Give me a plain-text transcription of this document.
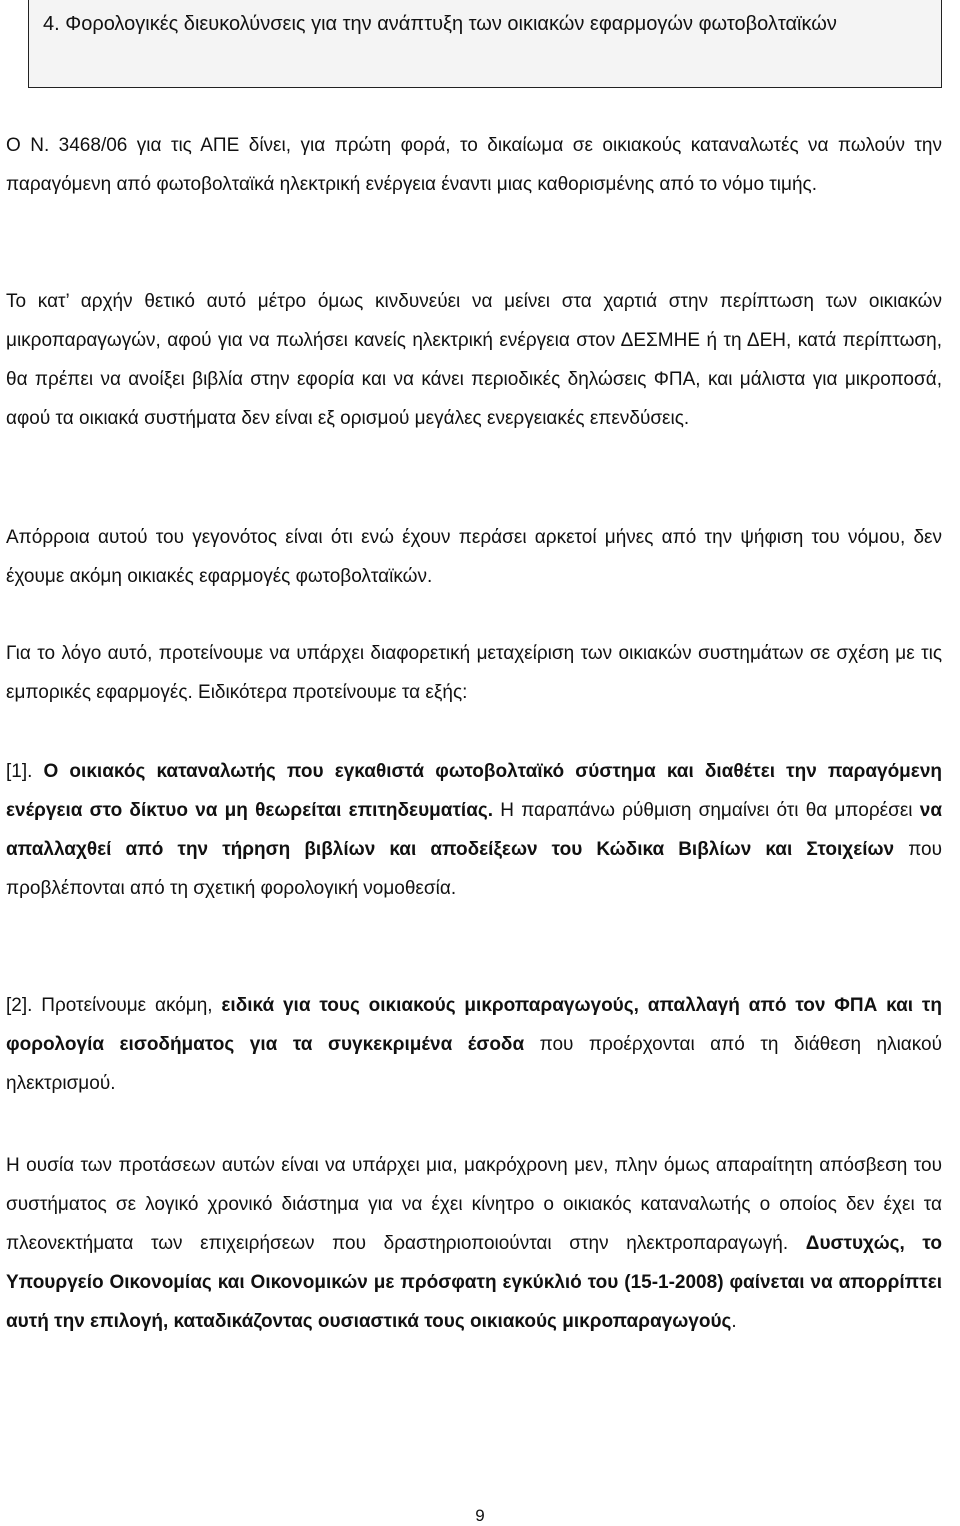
4. Φορολογικές διευκολύνσεις για την ανάπτυξη των οικιακών εφαρμογών φωτοβολταϊκών

Ο Ν. 3468/06 για τις ΑΠΕ δίνει, για πρώτη φορά, το δικαίωμα σε οικιακούς καταναλωτές να πωλούν την παραγόμενη από φωτοβολταϊκά ηλεκτρική ενέργεια έναντι μιας καθορισμένης από το νόμο τιμής.

Το κατ’ αρχήν θετικό αυτό μέτρο όμως κινδυνεύει να μείνει στα χαρτιά στην περίπτωση των οικιακών μικροπαραγωγών, αφού για να πωλήσει κανείς ηλεκτρική ενέργεια στον ΔΕΣΜΗΕ ή τη ΔΕΗ, κατά περίπτωση, θα πρέπει να ανοίξει βιβλία στην εφορία και να κάνει περιοδικές δηλώσεις ΦΠΑ, και μάλιστα για μικροποσά, αφού τα οικιακά συστήματα δεν είναι εξ ορισμού μεγάλες ενεργειακές επενδύσεις.

Απόρροια αυτού του γεγονότος είναι ότι ενώ έχουν περάσει αρκετοί μήνες από την ψήφιση του νόμου, δεν έχουμε ακόμη οικιακές εφαρμογές φωτοβολταϊκών.

Για το λόγο αυτό, προτείνουμε να υπάρχει διαφορετική μεταχείριση των οικιακών συστημάτων σε σχέση με τις εμπορικές εφαρμογές. Ειδικότερα προτείνουμε τα εξής:

[1]. Ο οικιακός καταναλωτής που εγκαθιστά φωτοβολταϊκό σύστημα και διαθέτει την παραγόμενη ενέργεια στο δίκτυο να μη θεωρείται επιτηδευματίας. Η παραπάνω ρύθμιση σημαίνει ότι θα μπορέσει να απαλλαχθεί από την τήρηση βιβλίων και αποδείξεων του Κώδικα Βιβλίων και Στοιχείων που προβλέπονται από τη σχετική φορολογική νομοθεσία.

[2]. Προτείνουμε ακόμη, ειδικά για τους οικιακούς μικροπαραγωγούς, απαλλαγή από τον ΦΠΑ και τη φορολογία εισοδήματος για τα συγκεκριμένα έσοδα που προέρχονται από τη διάθεση ηλιακού ηλεκτρισμού.

Η ουσία των προτάσεων αυτών είναι να υπάρχει μια, μακρόχρονη μεν, πλην όμως απαραίτητη απόσβεση του συστήματος σε λογικό χρονικό διάστημα για να έχει κίνητρο ο οικιακός καταναλωτής ο οποίος δεν έχει τα πλεονεκτήματα των επιχειρήσεων που δραστηριοποιούνται στην ηλεκτροπαραγωγή. Δυστυχώς, το Υπουργείο Οικονομίας και Οικονομικών με πρόσφατη εγκύκλιό του (15-1-2008) φαίνεται να απορρίπτει αυτή την επιλογή, καταδικάζοντας ουσιαστικά τους οικιακούς μικροπαραγωγούς.

9
